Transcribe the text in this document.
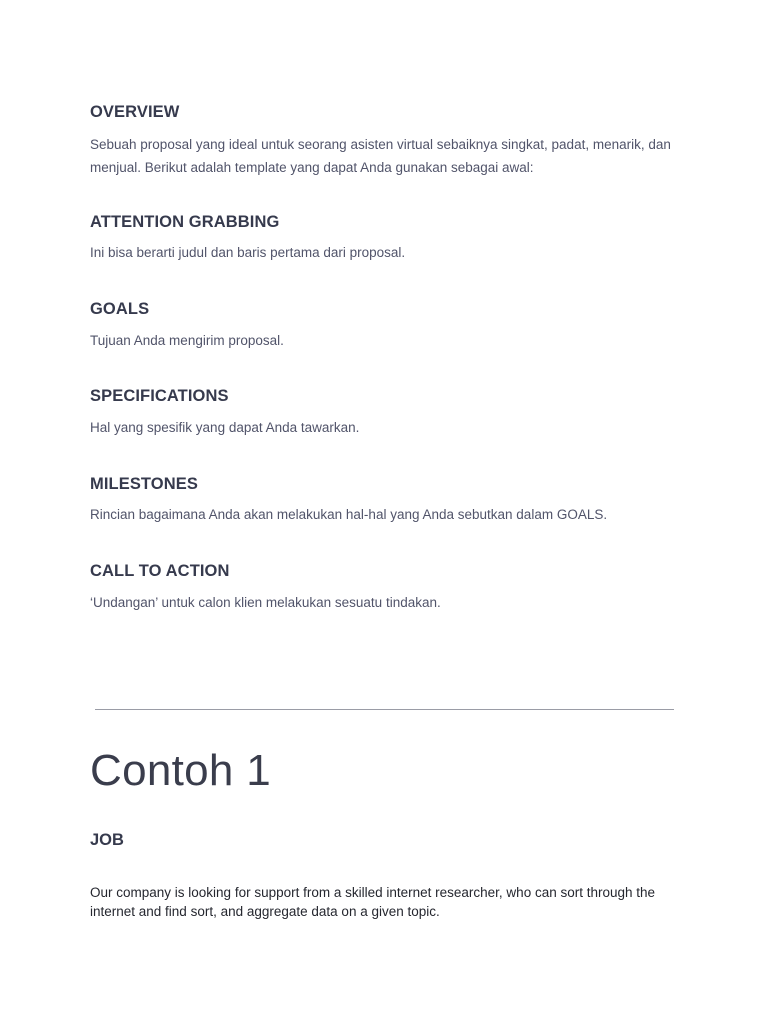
OVERVIEW

Sebuah proposal yang ideal untuk seorang asisten virtual sebaiknya singkat, padat, menarik, dan menjual. Berikut adalah template yang dapat Anda gunakan sebagai awal:

ATTENTION GRABBING

Ini bisa berarti judul dan baris pertama dari proposal.

GOALS

Tujuan Anda mengirim proposal.

SPECIFICATIONS

Hal yang spesifik yang dapat Anda tawarkan.

MILESTONES

Rincian bagaimana Anda akan melakukan hal-hal yang Anda sebutkan dalam GOALS.

CALL TO ACTION

‘Undangan’ untuk calon klien melakukan sesuatu tindakan.

Contoh 1
JOB

Our company is looking for support from a skilled internet researcher, who can sort through the internet and find sort, and aggregate data on a given topic.
